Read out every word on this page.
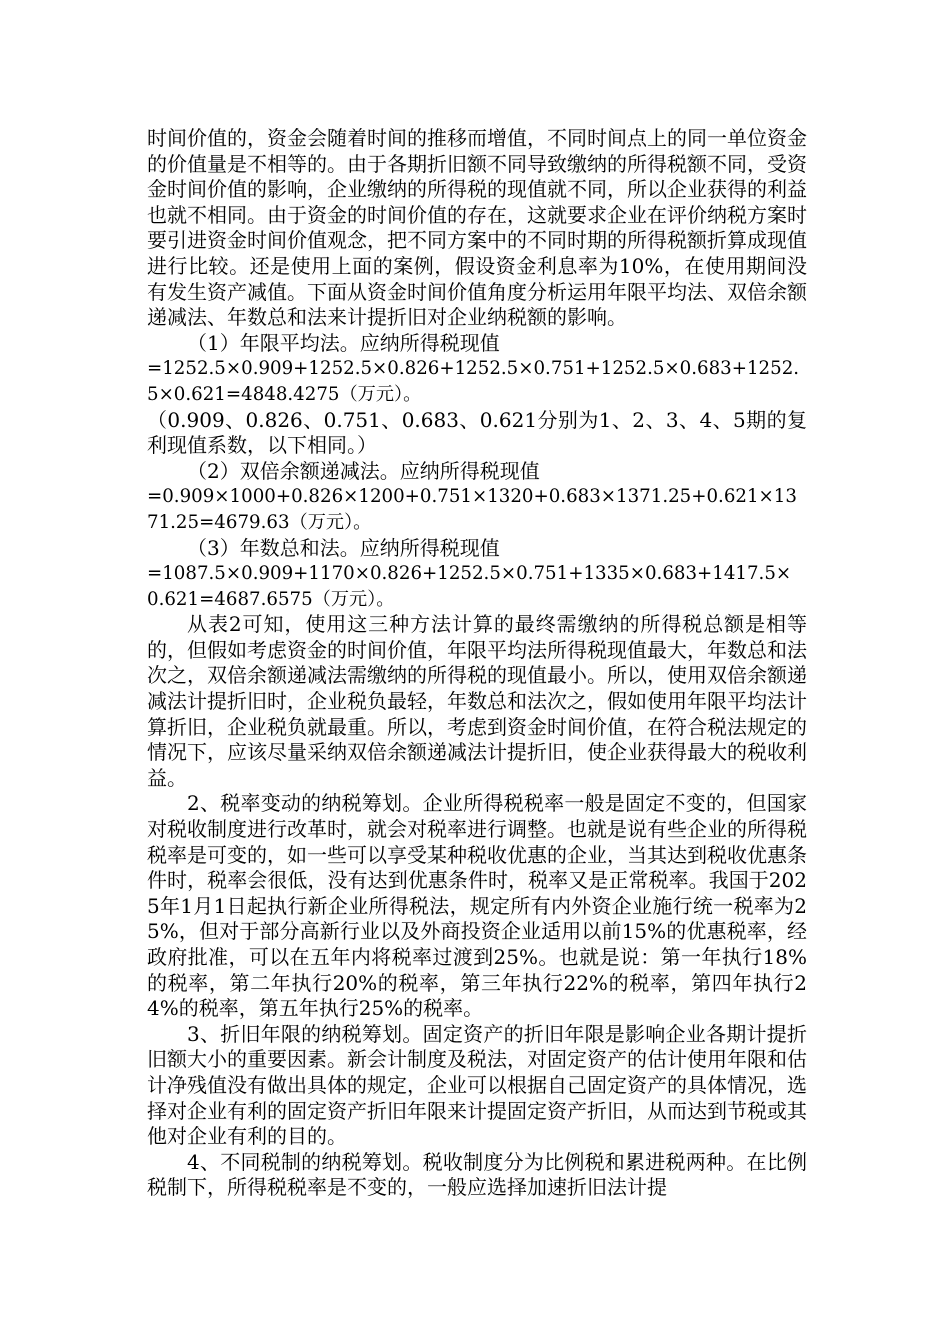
时间价值的，资金会随着时间的推移而增值，不同时间点上的同一单位资金的价值量是不相等的。由于各期折旧额不同导致缴纳的所得税额不同，受资金时间价值的影响，企业缴纳的所得税的现值就不同，所以企业获得的利益也就不相同。由于资金的时间价值的存在，这就要求企业在评价纳税方案时要引进资金时间价值观念，把不同方案中的不同时期的所得税额折算成现值进行比较。还是使用上面的案例，假设资金利息率为10%，在使用期间没有发生资产减值。下面从资金时间价值角度分析运用年限平均法、双倍余额递减法、年数总和法来计提折旧对企业纳税额的影响。

（1）年限平均法。应纳所得税现值

=1252.5×0.909+1252.5×0.826+1252.5×0.751+1252.5×0.683+1252.5×0.621=4848.4275（万元）。

（0.909、0.826、0.751、0.683、0.621分别为1、2、3、4、5期的复利现值系数，以下相同。）

（2）双倍余额递减法。应纳所得税现值

=0.909×1000+0.826×1200+0.751×1320+0.683×1371.25+0.621×1371.25=4679.63（万元）。

（3）年数总和法。应纳所得税现值

=1087.5×0.909+1170×0.826+1252.5×0.751+1335×0.683+1417.5×0.621=4687.6575（万元）。

从表2可知，使用这三种方法计算的最终需缴纳的所得税总额是相等的，但假如考虑资金的时间价值，年限平均法所得税现值最大，年数总和法次之，双倍余额递减法需缴纳的所得税的现值最小。所以，使用双倍余额递减法计提折旧时，企业税负最轻，年数总和法次之，假如使用年限平均法计算折旧，企业税负就最重。所以，考虑到资金时间价值，在符合税法规定的情况下，应该尽量采纳双倍余额递减法计提折旧，使企业获得最大的税收利益。

2、税率变动的纳税筹划。企业所得税税率一般是固定不变的，但国家对税收制度进行改革时，就会对税率进行调整。也就是说有些企业的所得税税率是可变的，如一些可以享受某种税收优惠的企业，当其达到税收优惠条件时，税率会很低，没有达到优惠条件时，税率又是正常税率。我国于2025年1月1日起执行新企业所得税法，规定所有内外资企业施行统一税率为25%，但对于部分高新行业以及外商投资企业适用以前15%的优惠税率，经政府批准，可以在五年内将税率过渡到25%。也就是说：第一年执行18%的税率，第二年执行20%的税率，第三年执行22%的税率，第四年执行24%的税率，第五年执行25%的税率。

3、折旧年限的纳税筹划。固定资产的折旧年限是影响企业各期计提折旧额大小的重要因素。新会计制度及税法，对固定资产的估计使用年限和估计净残值没有做出具体的规定，企业可以根据自己固定资产的具体情况，选择对企业有利的固定资产折旧年限来计提固定资产折旧，从而达到节税或其他对企业有利的目的。

4、不同税制的纳税筹划。税收制度分为比例税和累进税两种。在比例税制下，所得税税率是不变的，一般应选择加速折旧法计提
